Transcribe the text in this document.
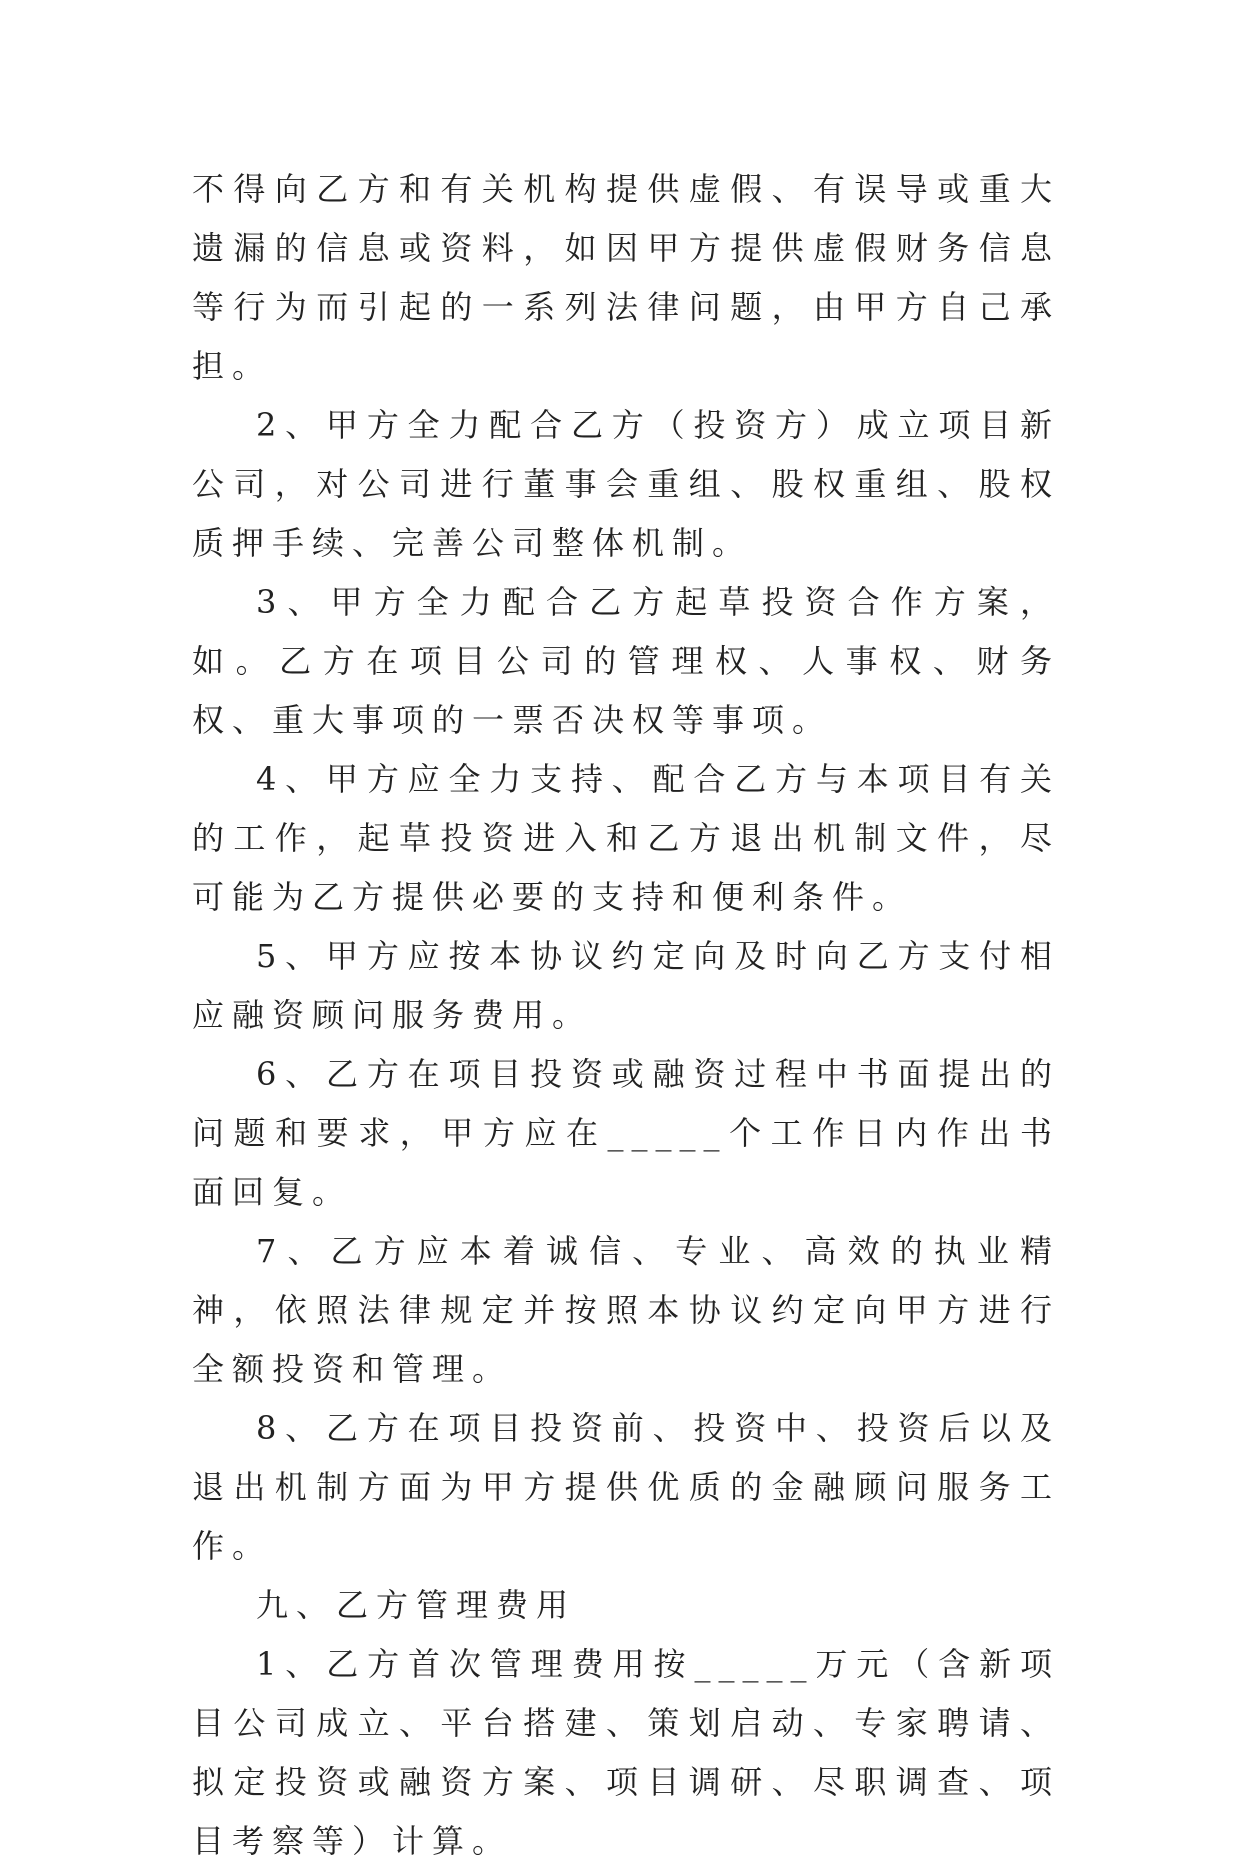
不得向乙方和有关机构提供虚假、有误导或重大遗漏的信息或资料，如因甲方提供虚假财务信息等行为而引起的一系列法律问题，由甲方自己承担。

2、甲方全力配合乙方（投资方）成立项目新公司，对公司进行董事会重组、股权重组、股权质押手续、完善公司整体机制。

3、甲方全力配合乙方起草投资合作方案，如。乙方在项目公司的管理权、人事权、财务权、重大事项的一票否决权等事项。

4、甲方应全力支持、配合乙方与本项目有关的工作，起草投资进入和乙方退出机制文件，尽可能为乙方提供必要的支持和便利条件。

5、甲方应按本协议约定向及时向乙方支付相应融资顾问服务费用。

6、乙方在项目投资或融资过程中书面提出的问题和要求，甲方应在_____个工作日内作出书面回复。

7、乙方应本着诚信、专业、高效的执业精神，依照法律规定并按照本协议约定向甲方进行全额投资和管理。

8、乙方在项目投资前、投资中、投资后以及退出机制方面为甲方提供优质的金融顾问服务工作。

九、乙方管理费用

1、乙方首次管理费用按_____万元（含新项目公司成立、平台搭建、策划启动、专家聘请、拟定投资或融资方案、项目调研、尽职调查、项目考察等）计算。
